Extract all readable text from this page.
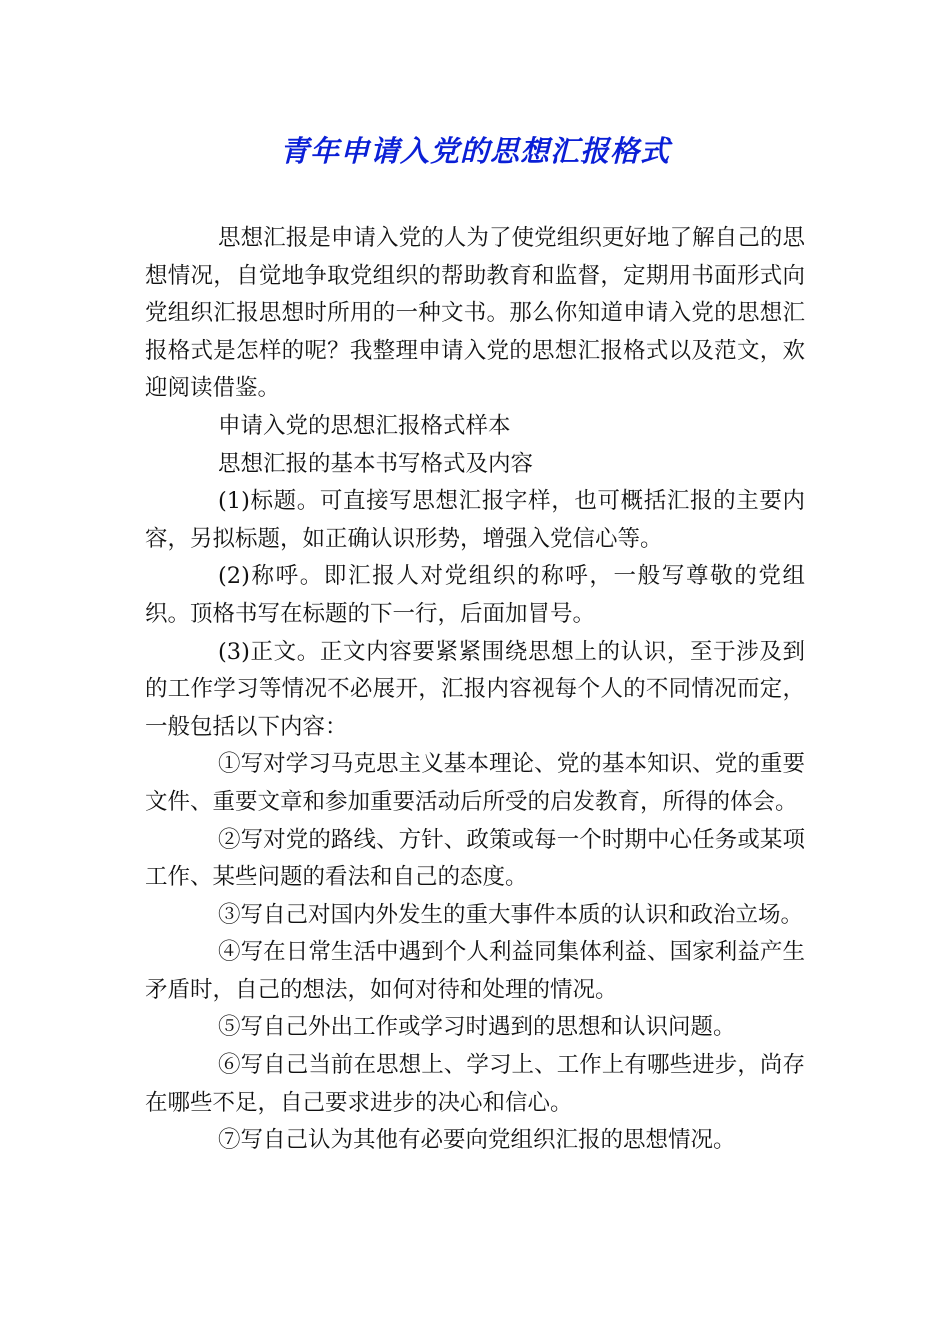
青年申请入党的思想汇报格式

思想汇报是申请入党的人为了使党组织更好地了解自己的思想情况，自觉地争取党组织的帮助教育和监督，定期用书面形式向党组织汇报思想时所用的一种文书。那么你知道申请入党的思想汇报格式是怎样的呢？我整理申请入党的思想汇报格式以及范文，欢迎阅读借鉴。

申请入党的思想汇报格式样本

思想汇报的基本书写格式及内容

(1)标题。可直接写思想汇报字样，也可概括汇报的主要内容，另拟标题，如正确认识形势，增强入党信心等。

(2)称呼。即汇报人对党组织的称呼，一般写尊敬的党组织。顶格书写在标题的下一行，后面加冒号。

(3)正文。正文内容要紧紧围绕思想上的认识，至于涉及到的工作学习等情况不必展开，汇报内容视每个人的不同情况而定，一般包括以下内容：

①写对学习马克思主义基本理论、党的基本知识、党的重要文件、重要文章和参加重要活动后所受的启发教育，所得的体会。

②写对党的路线、方针、政策或每一个时期中心任务或某项工作、某些问题的看法和自己的态度。

③写自己对国内外发生的重大事件本质的认识和政治立场。

④写在日常生活中遇到个人利益同集体利益、国家利益产生矛盾时，自己的想法，如何对待和处理的情况。

⑤写自己外出工作或学习时遇到的思想和认识问题。

⑥写自己当前在思想上、学习上、工作上有哪些进步，尚存在哪些不足，自己要求进步的决心和信心。

⑦写自己认为其他有必要向党组织汇报的思想情况。
